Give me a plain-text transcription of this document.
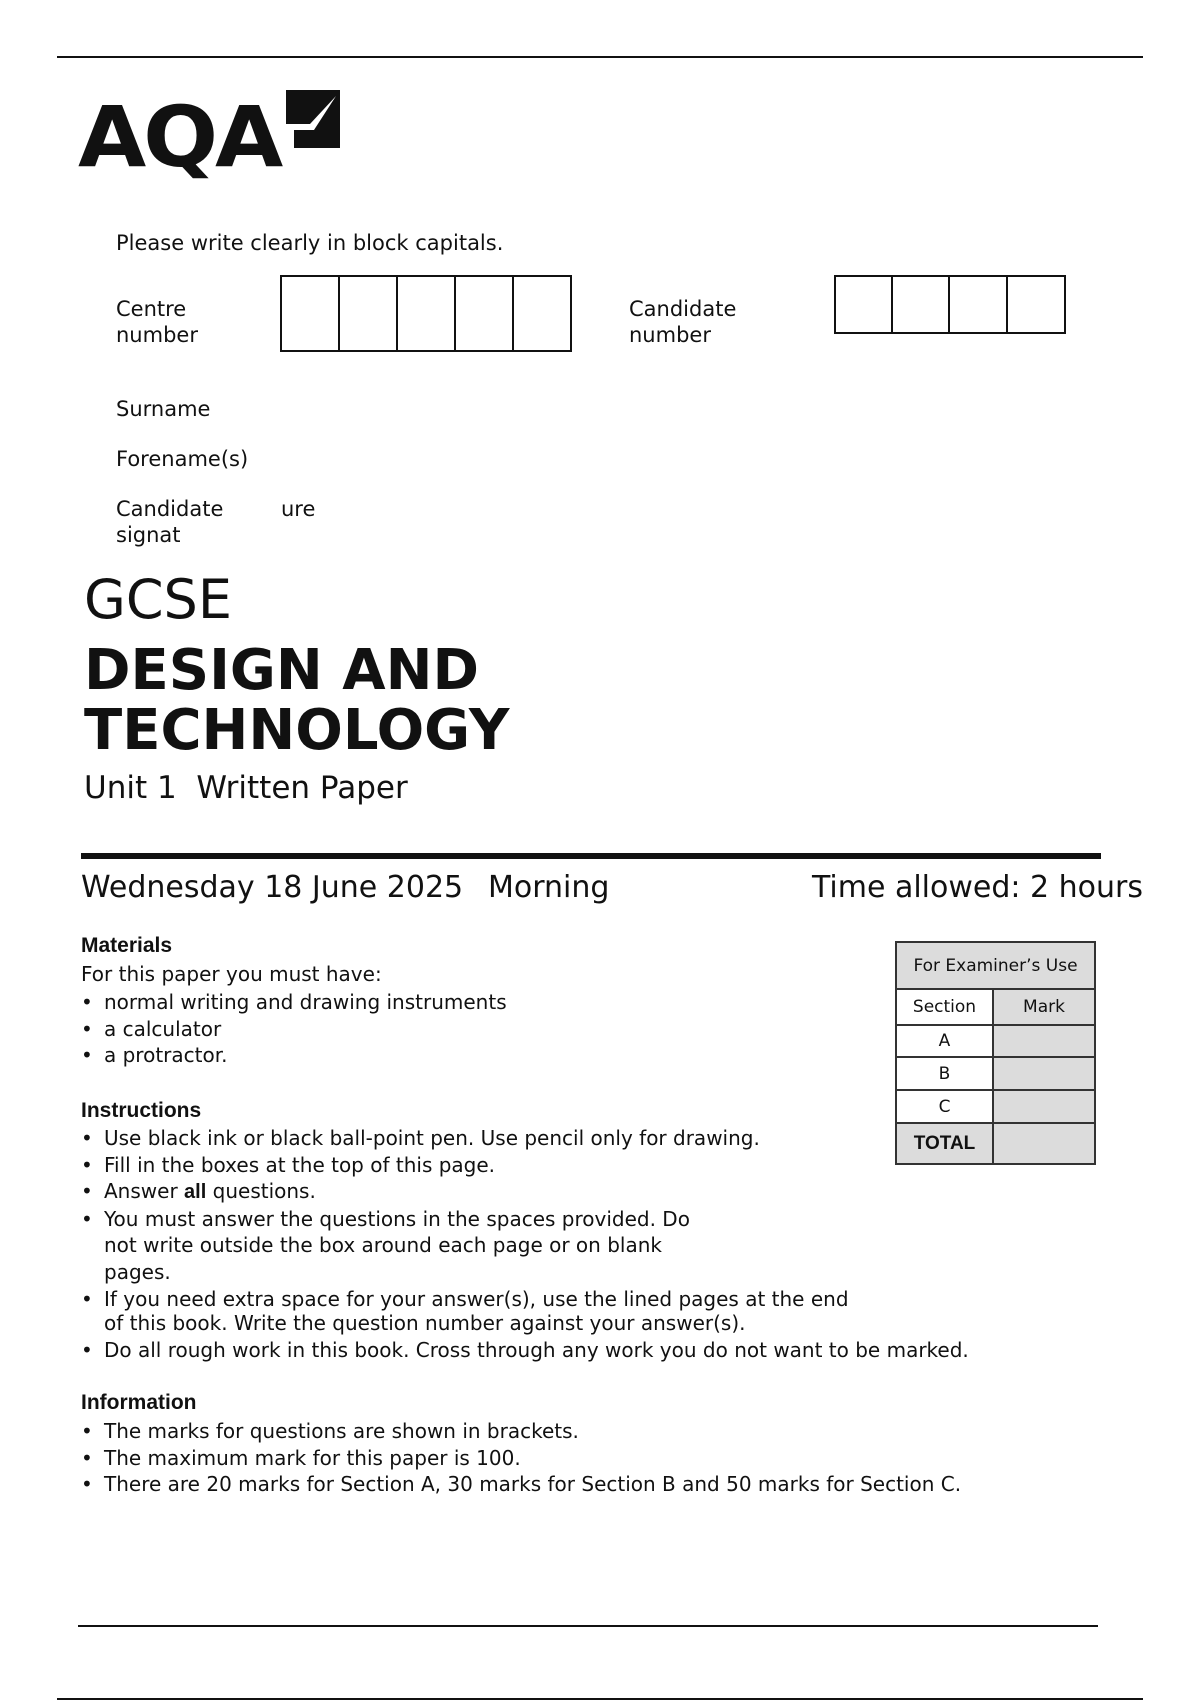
AQA
Please write clearly in block capitals.
Centre
number
Candidate
number
Surname
Forename(s)
Candidate
signat
ure
GCSE
DESIGN AND
TECHNOLOGY
Unit 1  Written Paper
Wednesday 18 June 2025 Morning	Time allowed: 2 hours
Materials
For this paper you must have:
• normal writing and drawing instruments
• a calculator
• a protractor.
Instructions
• Use black ink or black ball-point pen. Use pencil only for drawing.
• Fill in the boxes at the top of this page.
• Answer all questions.
• You must answer the questions in the spaces provided. Do
not write outside the box around each page or on blank
pages.
• If you need extra space for your answer(s), use the lined pages at the end
of this book. Write the question number against your answer(s).
• Do all rough work in this book. Cross through any work you do not want to be marked.
Information
• The marks for questions are shown in brackets.
• The maximum mark for this paper is 100.
• There are 20 marks for Section A, 30 marks for Section B and 50 marks for Section C.
For Examiner’s Use	
Section	Mark
A	
B	
C	
TOTAL	
